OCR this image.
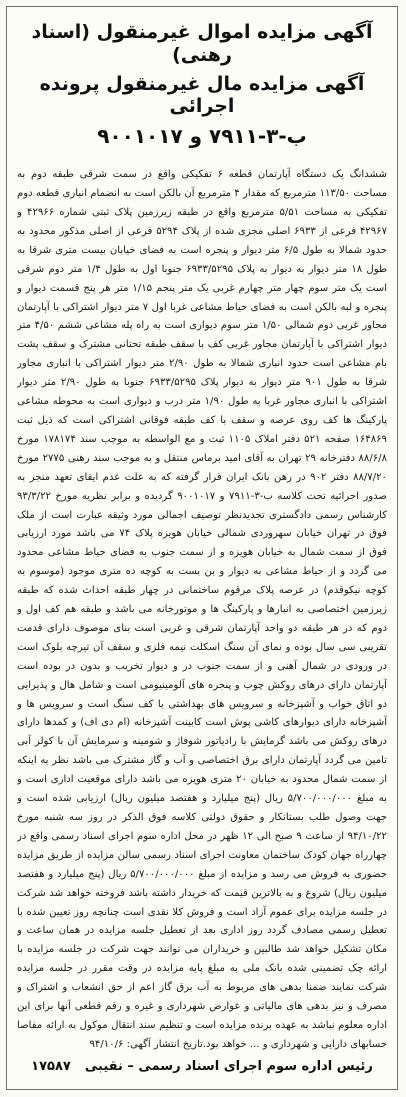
آگهی مزایده اموال غیرمنقول (اسناد رهنی)
آگهی مزایده مال غیرمنقول پرونده اجرائی
ب-۳-۷۹۱۱ و ۹۰۰۱۰۱۷

ششدانگ یک دستگاه آپارتمان قطعه ۶ تفکیکی واقع در سمت شرقی طبقه دوم به مساحت ۱۱۳/۵۰ مترمربع که مقدار ۴ مترمربع آن بالکن است به انضمام انباری قطعه دوم تفکیکی به مساحت ۵/۵۱ مترمربع واقع در طبقه زیرزمین پلاک ثبتی شماره ۴۲۹۶۶ و ۴۲۹۶۷ فرعی از ۶۹۳۳ اصلی مجزی شده از پلاک ۵۲۹۴ فرعی از اصلی مذکور محدود به حدود شمالا به طول ۶/۵ متر دیوار و پنجره است به فضای خیابان بیست متری شرقا به طول ۱۸ متر دیوار به دیوار به پلاک ۶۹۳۳/۵۲۹۵ جنوبا اول به طول ۱/۴ متر دوم شرقی است یک متر سوم چهار متر چهارم غربی یک متر پنجم ۱/۱۵ متر هر پنج قسمت دیوار و پنجره و لبه بالکن است به فضای حیاط مشاعی غربا اول ۷ متر دیوار اشتراکی با آپارتمان مجاور غربی دوم شمالی ۱/۵۰ متر سوم دیواری است به راه پله مشاعی ششم ۴/۵۰ متر دیوار اشتراکی با آپارتمان مجاور غربی کف با سقف طبقه تحتانی مشترک و سقف پشت بام مشاعی است حدود انباری شمالا به طول ۲/۹۰ متر دیوار اشتراکی با انباری مجاور شرقا به طول ۹۰۱ متر دیوار به دیوار پلاک ۶۹۳۳/۵۲۹۵ جنوبا به طول ۲/۹۰ متر دیوار اشتراکی با انباری مجاور غربا به طول ۱/۹۰ متر درب و دیواری است به محوطه مشاعی پارکینگ ها کف روی عرصه و سقف با کف طبقه فوقانی اشتراکی است که ذیل ثبت ۱۶۴۸۶۹ صفحه ۵۲۱ دفتر املاک ۱۱۰۵ ثبت و مع الواسطه به موجب سند ۱۷۸۱۷۴ مورخ ۸۸/۶/۸ دفترخانه ۲۹ تهران به آقای امید برماس منتقل و به موجب سند رهنی ۲۷۷۵ مورخ ۸۸/۷/۲۰ دفتر ۹۰۲ در رهن بانک ایران قرار گرفته که به علت عدم ایفای تعهد منجر به صدور اجرائیه تحت کلاسه ب-۳-۷۹۱۱ و ۹۰۰۱۰۱۷ گردیده و برابر نظریه مورخ ۹۳/۳/۲۲ کارشناس رسمی دادگستری تجدیدنظر توصیف اجمالی مورد وثیقه عبارت است از ملک فوق در تهران خیابان سهروردی شمالی خیابان هویزه پلاک ۷۴ می باشد مورد ارزیابی فوق از سمت شمال به خیابان هویزه و از سمت جنوب به فضای حیاط مشاعی محدود می گردد و از حیاط مشاعی به دیوار و بن بست به کوچه ده متری موجود (موسوم به کوچه نیکوقدم) در عرصه پلاک مرقوم ساختمانی در چهار طبقه احداث شده که طبقه زیرزمین اختصاصی به انبارها و پارکینگ ها و موتورخانه می باشد و طبقه هم کف اول و دوم که در هر طبقه دو واحد آپارتمان شرقی و غربی است بنای موصوف دارای قدمت تقریبی سی سال بوده و نمای آن سنگ اسکلت نیمه فلزی و سقف آن تیرچه بلوک است در ورودی در شمال آهنی و از سمت جنوب در و دیوار تخریب و بدون در بوده است آپارتمان دارای درهای روکش چوب و پنجره های آلومینیومی است و شامل هال و پذیرایی دو اتاق خواب و آشپزخانه و سرویس های بهداشتی با کف سنگ است و سرویس ها و آشپزخانه دارای دیوارهای کاشی پوش است کابینت آشپزخانه (ام دی اف) و کمدها دارای درهای روکش می باشد گرمایش با رادیاتور شوفاژ و شومینه و سرمایش آن با کولر آبی تامین می گردد آپارتمان دارای برق اختصاصی و آب و گاز مشترک می باشد نظر به اینکه از سمت شمال محدود به خیابان ۲۰ متری هویزه می باشد دارای موقعیت اداری است و به مبلغ ۵/۷۰۰/۰۰۰/۰۰۰ ریال (پنج میلیارد و هفتصد میلیون ریال) ارزیابی شده است و جهت وصول طلب بستانکار و حقوق دولتی کلاسه فوق الذکر در روز سه شنبه مورخ ۹۴/۱۰/۲۲ از ساعت ۹ صبح الی ۱۲ ظهر در محل اداره سوم اجرای اسناد رسمی واقع در چهارراه جهان کودک ساختمان معاونت اجرای اسناد رسمی سالن مزایده از طریق مزایده حضوری به فروش می رسد و مزایده از مبلغ ۵/۷۰۰/۰۰۰/۰۰۰ ریال (پنج میلیارد و هفتصد میلیون ریال) شروع و به بالاترین قیمت که خریدار داشته باشد فروخته خواهد شد شرکت در جلسه مزایده برای عموم آزاد است و فروش کلا نقدی است چنانچه روز تعیین شده با تعطیل رسمی مصادف گردد روز اداری بعد از تعطیل جلسه مزایده در همان ساعت و مکان تشکیل خواهد شد طالبین و خریداران می توانند جهت شرکت در جلسه مزایده با ارائه چک تضمینی شده بانک ملی به مبلغ پایه مزایده در وقت مقرر در جلسه مزایده شرکت نمایند ضمنا بدهی های مربوط به آب برق گاز اعم از حق انشعاب و اشتراک و مصرف و نیز بدهی های مالیاتی و عوارض شهرداری و غیره و رقم قطعی آنها برای این اداره معلوم نباشد به عهده برنده مزایده است و تنظیم سند انتقال موکول به ارائه مفاصا حسابهای دارایی و شهرداری و ... خواهد بود.تاریخ انتشار آگهی: ۹۴/۱۰/۶

رئیس اداره سوم اجرای اسناد رسمی – نقیبی۱۷۵۸۷
